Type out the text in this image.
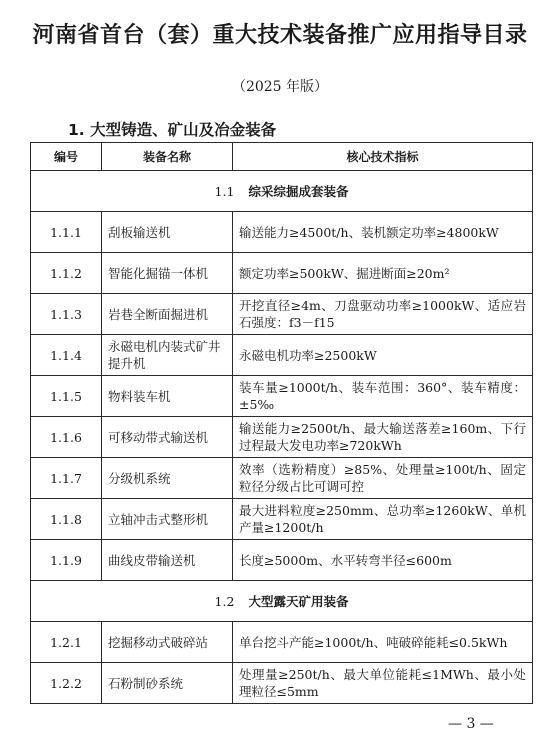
河南省首台（套）重大技术装备推广应用指导目录
（2025 年版）
1. 大型铸造、矿山及冶金装备
编号	装备名称	核心技术指标
1.1 综采综掘成套装备		
1.1.1	刮板输送机	输送能力≥4500t/h、装机额定功率≥4800kW
1.1.2	智能化掘锚一体机	额定功率≥500kW、掘进断面≥20m²
1.1.3	岩巷全断面掘进机	开挖直径≥4m、刀盘驱动功率≥1000kW、适应岩石强度：f3－f15
1.1.4	永磁电机内装式矿井提升机	永磁电机功率≥2500kW
1.1.5	物料装车机	装车量≥1000t/h、装车范围：360°、装车精度：±5‰
1.1.6	可移动带式输送机	输送能力≥2500t/h、最大输送落差≥160m、下行过程最大发电功率≥720kWh
1.1.7	分级机系统	效率（选粉精度）≥85%、处理量≥100t/h、固定粒径分级占比可调可控
1.1.8	立轴冲击式整形机	最大进料粒度≥250mm、总功率≥1260kW、单机产量≥1200t/h
1.1.9	曲线皮带输送机	长度≥5000m、水平转弯半径≤600m
1.2 大型露天矿用装备		
1.2.1	挖掘移动式破碎站	单台挖斗产能≥1000t/h、吨破碎能耗≤0.5kWh
1.2.2	石粉制砂系统	处理量≥250t/h、最大单位能耗≤1MWh、最小处理粒径≤5mm
— 3 —
